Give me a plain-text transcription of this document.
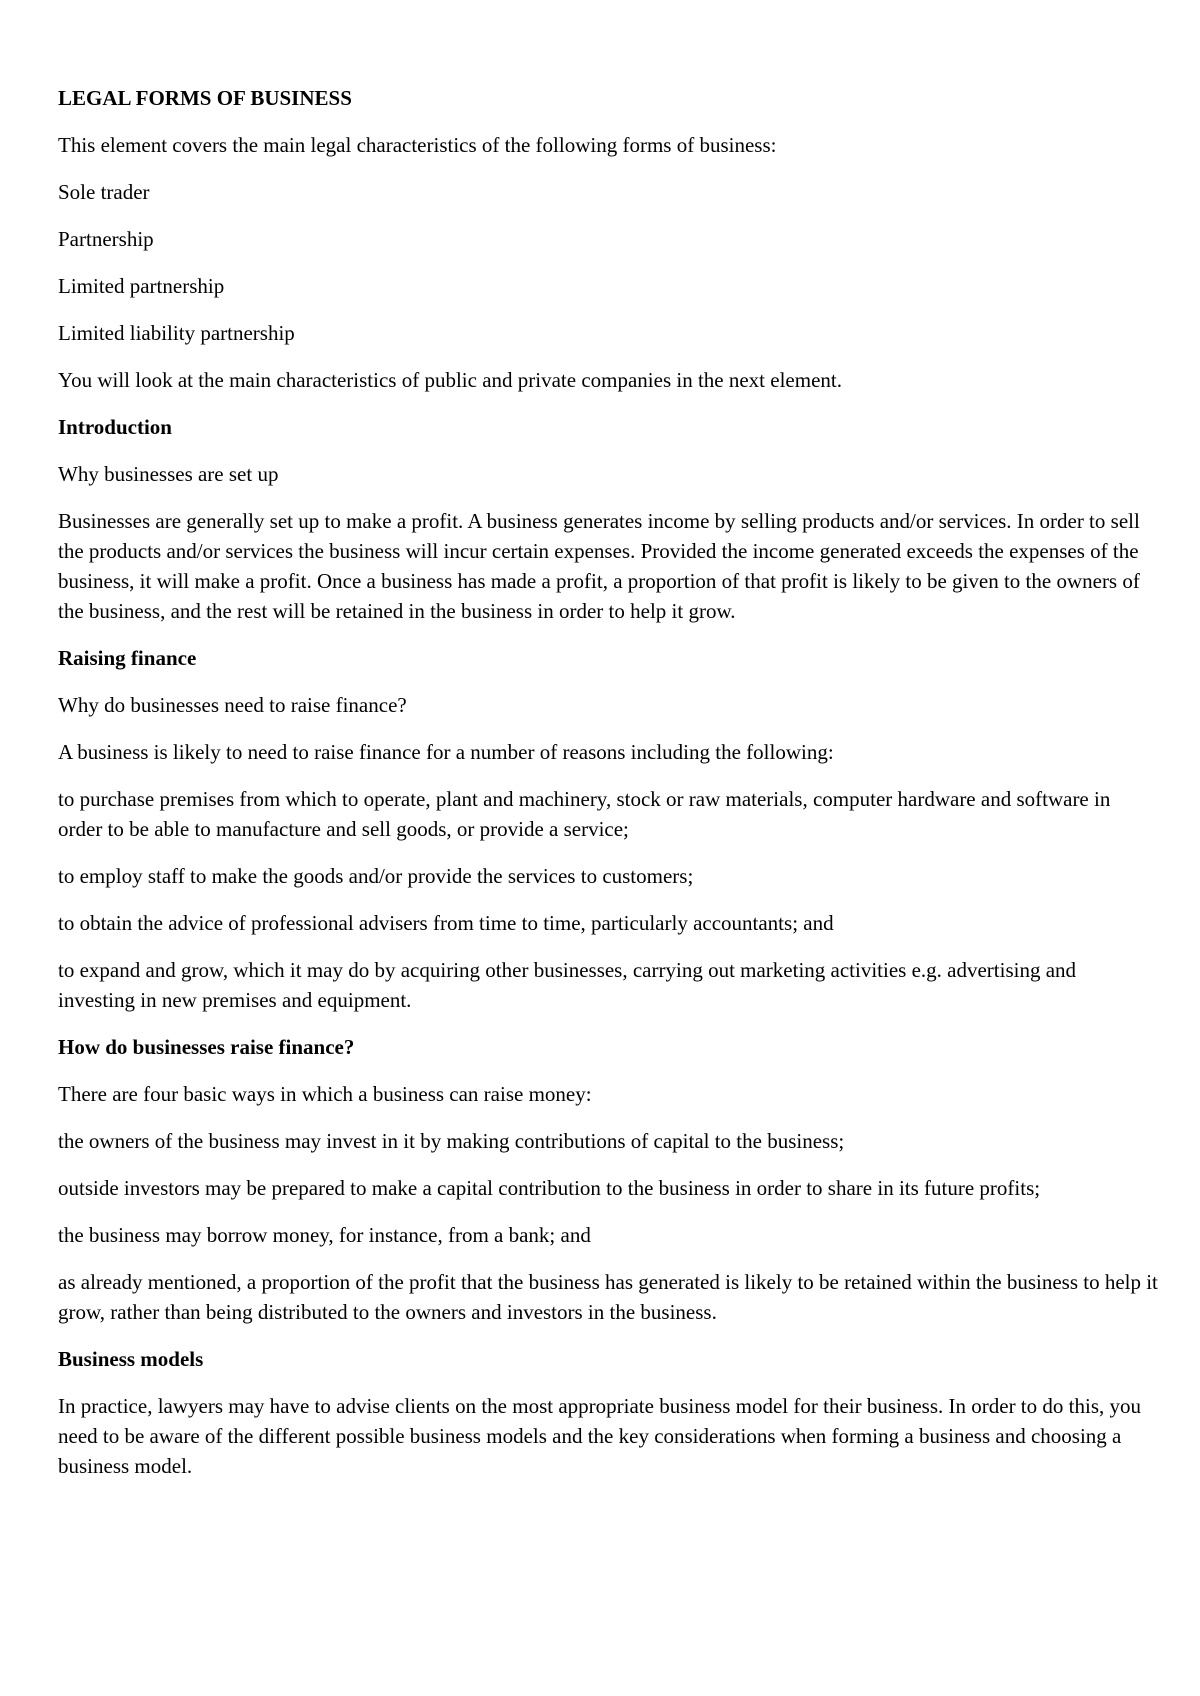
LEGAL FORMS OF BUSINESS

This element covers the main legal characteristics of the following forms of business:

Sole trader

Partnership

Limited partnership

Limited liability partnership

You will look at the main characteristics of public and private companies in the next element.

Introduction

Why businesses are set up

Businesses are generally set up to make a profit. A business generates income by selling products and/or services. In order to sell the products and/or services the business will incur certain expenses. Provided the income generated exceeds the expenses of the business, it will make a profit. Once a business has made a profit, a proportion of that profit is likely to be given to the owners of the business, and the rest will be retained in the business in order to help it grow.

Raising finance

Why do businesses need to raise finance?

A business is likely to need to raise finance for a number of reasons including the following:

to purchase premises from which to operate, plant and machinery, stock or raw materials, computer hardware and software in order to be able to manufacture and sell goods, or provide a service;

to employ staff to make the goods and/or provide the services to customers;

to obtain the advice of professional advisers from time to time, particularly accountants; and

to expand and grow, which it may do by acquiring other businesses, carrying out marketing activities e.g. advertising and investing in new premises and equipment.

How do businesses raise finance?

There are four basic ways in which a business can raise money:

the owners of the business may invest in it by making contributions of capital to the business;

outside investors may be prepared to make a capital contribution to the business in order to share in its future profits;

the business may borrow money, for instance, from a bank; and

as already mentioned, a proportion of the profit that the business has generated is likely to be retained within the business to help it grow, rather than being distributed to the owners and investors in the business.

Business models

In practice, lawyers may have to advise clients on the most appropriate business model for their business. In order to do this, you need to be aware of the different possible business models and the key considerations when forming a business and choosing a business model.
